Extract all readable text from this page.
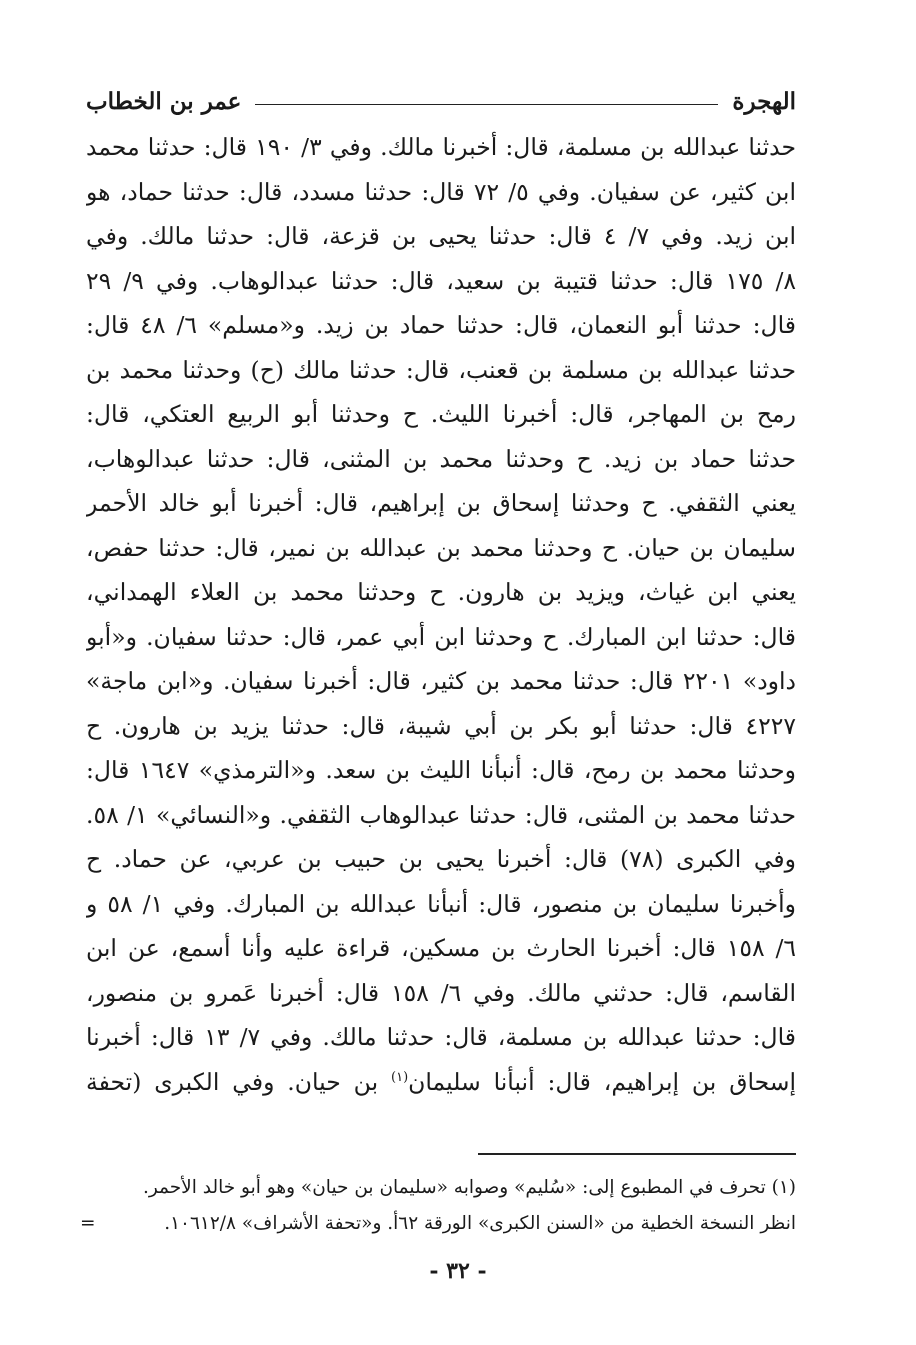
الهجرة
عمر بن الخطاب
حدثنا عبدالله بن مسلمة، قال: أخبرنا مالك. وفي ٣/ ١٩٠ قال: حدثنا محمد
ابن كثير، عن سفيان. وفي ٥/ ٧٢ قال: حدثنا مسدد، قال: حدثنا حماد، هو
ابن زيد. وفي ٧/ ٤ قال: حدثنا يحيى بن قزعة، قال: حدثنا مالك. وفي
٨/ ١٧٥ قال: حدثنا قتيبة بن سعيد، قال: حدثنا عبدالوهاب. وفي ٩/ ٢٩
قال: حدثنا أبو النعمان، قال: حدثنا حماد بن زيد. و«مسلم» ٦/ ٤٨ قال:
حدثنا عبدالله بن مسلمة بن قعنب، قال: حدثنا مالك (ح) وحدثنا محمد بن
رمح بن المهاجر، قال: أخبرنا الليث. ح وحدثنا أبو الربيع العتكي، قال:
حدثنا حماد بن زيد. ح وحدثنا محمد بن المثنى، قال: حدثنا عبدالوهاب،
يعني الثقفي. ح وحدثنا إسحاق بن إبراهيم، قال: أخبرنا أبو خالد الأحمر
سليمان بن حيان. ح وحدثنا محمد بن عبدالله بن نمير، قال: حدثنا حفص،
يعني ابن غياث، ويزيد بن هارون. ح وحدثنا محمد بن العلاء الهمداني،
قال: حدثنا ابن المبارك. ح وحدثنا ابن أبي عمر، قال: حدثنا سفيان. و«أبو
داود» ٢٢٠١ قال: حدثنا محمد بن كثير، قال: أخبرنا سفيان. و«ابن ماجة»
٤٢٢٧ قال: حدثنا أبو بكر بن أبي شيبة، قال: حدثنا يزيد بن هارون. ح
وحدثنا محمد بن رمح، قال: أنبأنا الليث بن سعد. و«الترمذي» ١٦٤٧ قال:
حدثنا محمد بن المثنى، قال: حدثنا عبدالوهاب الثقفي. و«النسائي» ١/ ٥٨.
وفي الكبرى (٧٨) قال: أخبرنا يحيى بن حبيب بن عربي، عن حماد. ح
وأخبرنا سليمان بن منصور، قال: أنبأنا عبدالله بن المبارك. وفي ١/ ٥٨ و
٦/ ١٥٨ قال: أخبرنا الحارث بن مسكين، قراءة عليه وأنا أسمع، عن ابن
القاسم، قال: حدثني مالك. وفي ٦/ ١٥٨ قال: أخبرنا عَمرو بن منصور،
قال: حدثنا عبدالله بن مسلمة، قال: حدثنا مالك. وفي ٧/ ١٣ قال: أخبرنا
إسحاق بن إبراهيم، قال: أنبأنا سليمان$^{(١)}$ بن حيان. وفي الكبرى (تحفة
(١) تحرف في المطبوع إلى: «سُليم» وصوابه «سليمان بن حيان» وهو أبو خالد الأحمر.
انظر النسخة الخطية من «السنن الكبرى» الورقة ٦٢أ. و«تحفة الأشراف» ١٠٦١٢/٨.
=
- ٣٢ -
